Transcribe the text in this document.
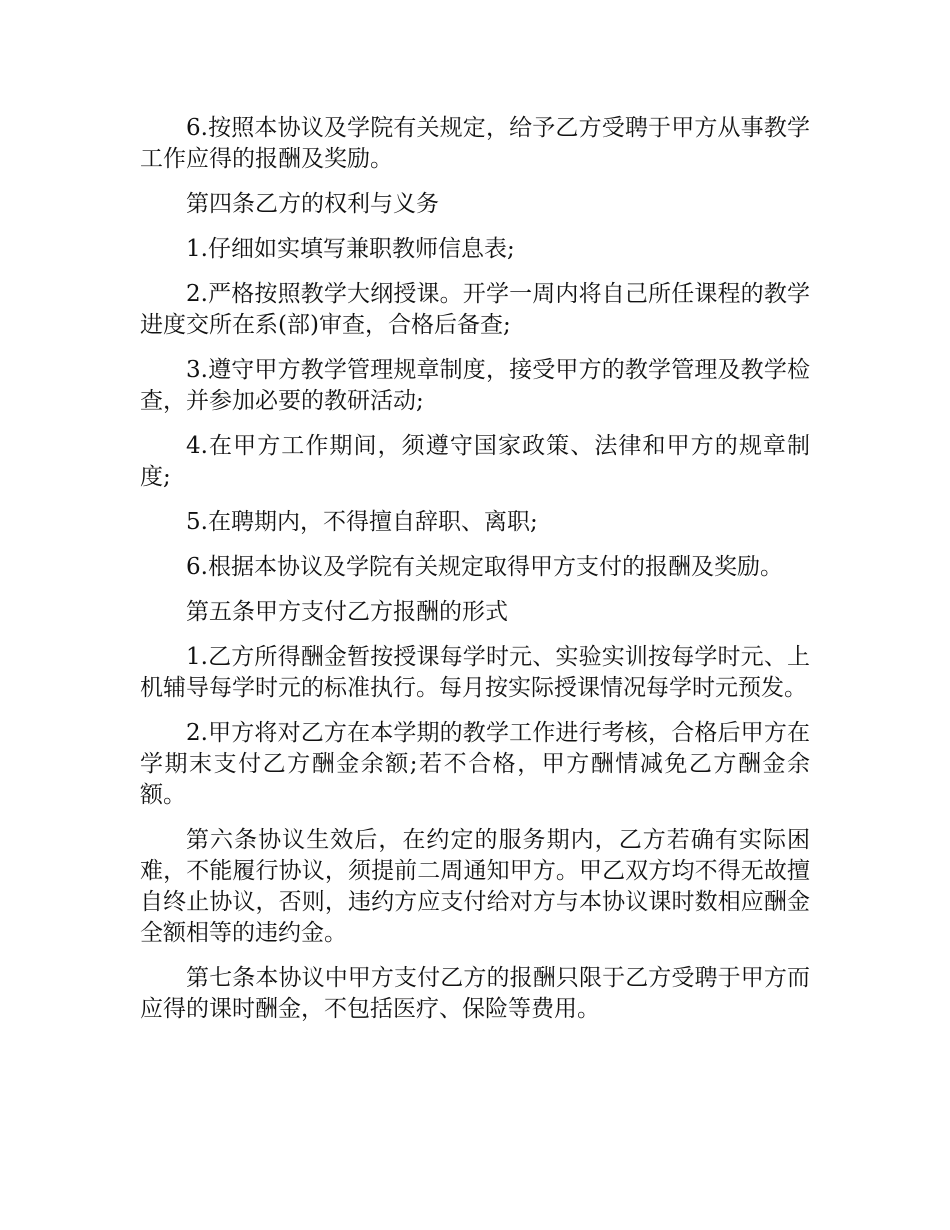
6.按照本协议及学院有关规定，给予乙方受聘于甲方从事教学工作应得的报酬及奖励。

第四条乙方的权利与义务

1.仔细如实填写兼职教师信息表;

2.严格按照教学大纲授课。开学一周内将自己所任课程的教学进度交所在系(部)审查，合格后备查;

3.遵守甲方教学管理规章制度，接受甲方的教学管理及教学检查，并参加必要的教研活动;

4.在甲方工作期间，须遵守国家政策、法律和甲方的规章制度;

5.在聘期内，不得擅自辞职、离职;

6.根据本协议及学院有关规定取得甲方支付的报酬及奖励。

第五条甲方支付乙方报酬的形式

1.乙方所得酬金暂按授课每学时元、实验实训按每学时元、上机辅导每学时元的标准执行。每月按实际授课情况每学时元预发。

2.甲方将对乙方在本学期的教学工作进行考核，合格后甲方在学期末支付乙方酬金余额;若不合格，甲方酬情减免乙方酬金余额。

第六条协议生效后，在约定的服务期内，乙方若确有实际困难，不能履行协议，须提前二周通知甲方。甲乙双方均不得无故擅自终止协议，否则，违约方应支付给对方与本协议课时数相应酬金全额相等的违约金。

第七条本协议中甲方支付乙方的报酬只限于乙方受聘于甲方而应得的课时酬金，不包括医疗、保险等费用。
